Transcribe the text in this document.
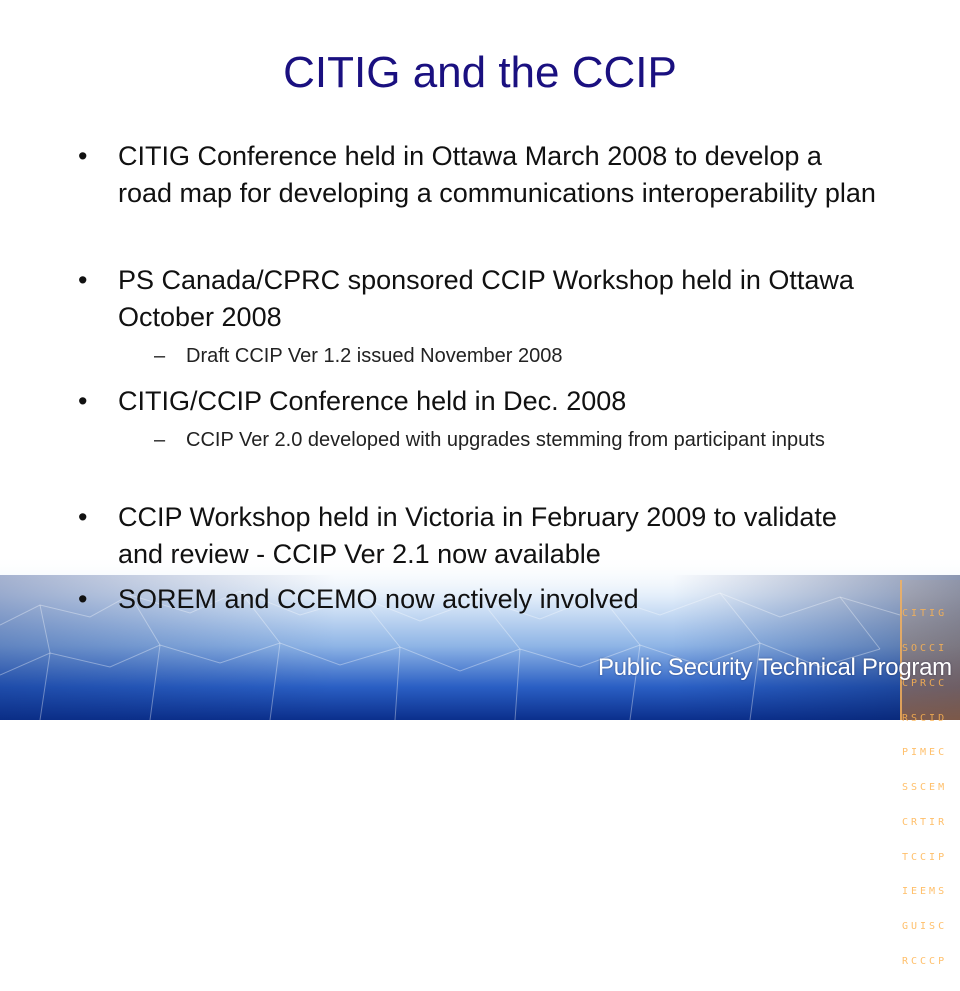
CITIG

SOCCI

CPRCC

RSCID

PIMEC

SSCEM

CRTIR

TCCIP

IEEMS

GUISC

RCCCP

Public Security Technical Program
CITIG and the CCIP
•	CITIG Conference held in Ottawa March 2008 to develop a road map for developing a communications interoperability plan
•	PS Canada/CPRC sponsored CCIP Workshop held in Ottawa October 2008
– Draft CCIP Ver 1.2 issued November 2008
•	CITIG/CCIP Conference held in Dec. 2008
– CCIP Ver 2.0 developed with upgrades stemming from participant inputs
•	CCIP Workshop held in Victoria in February 2009 to validate and review - CCIP Ver 2.1 now available
•	SOREM and CCEMO now actively involved
